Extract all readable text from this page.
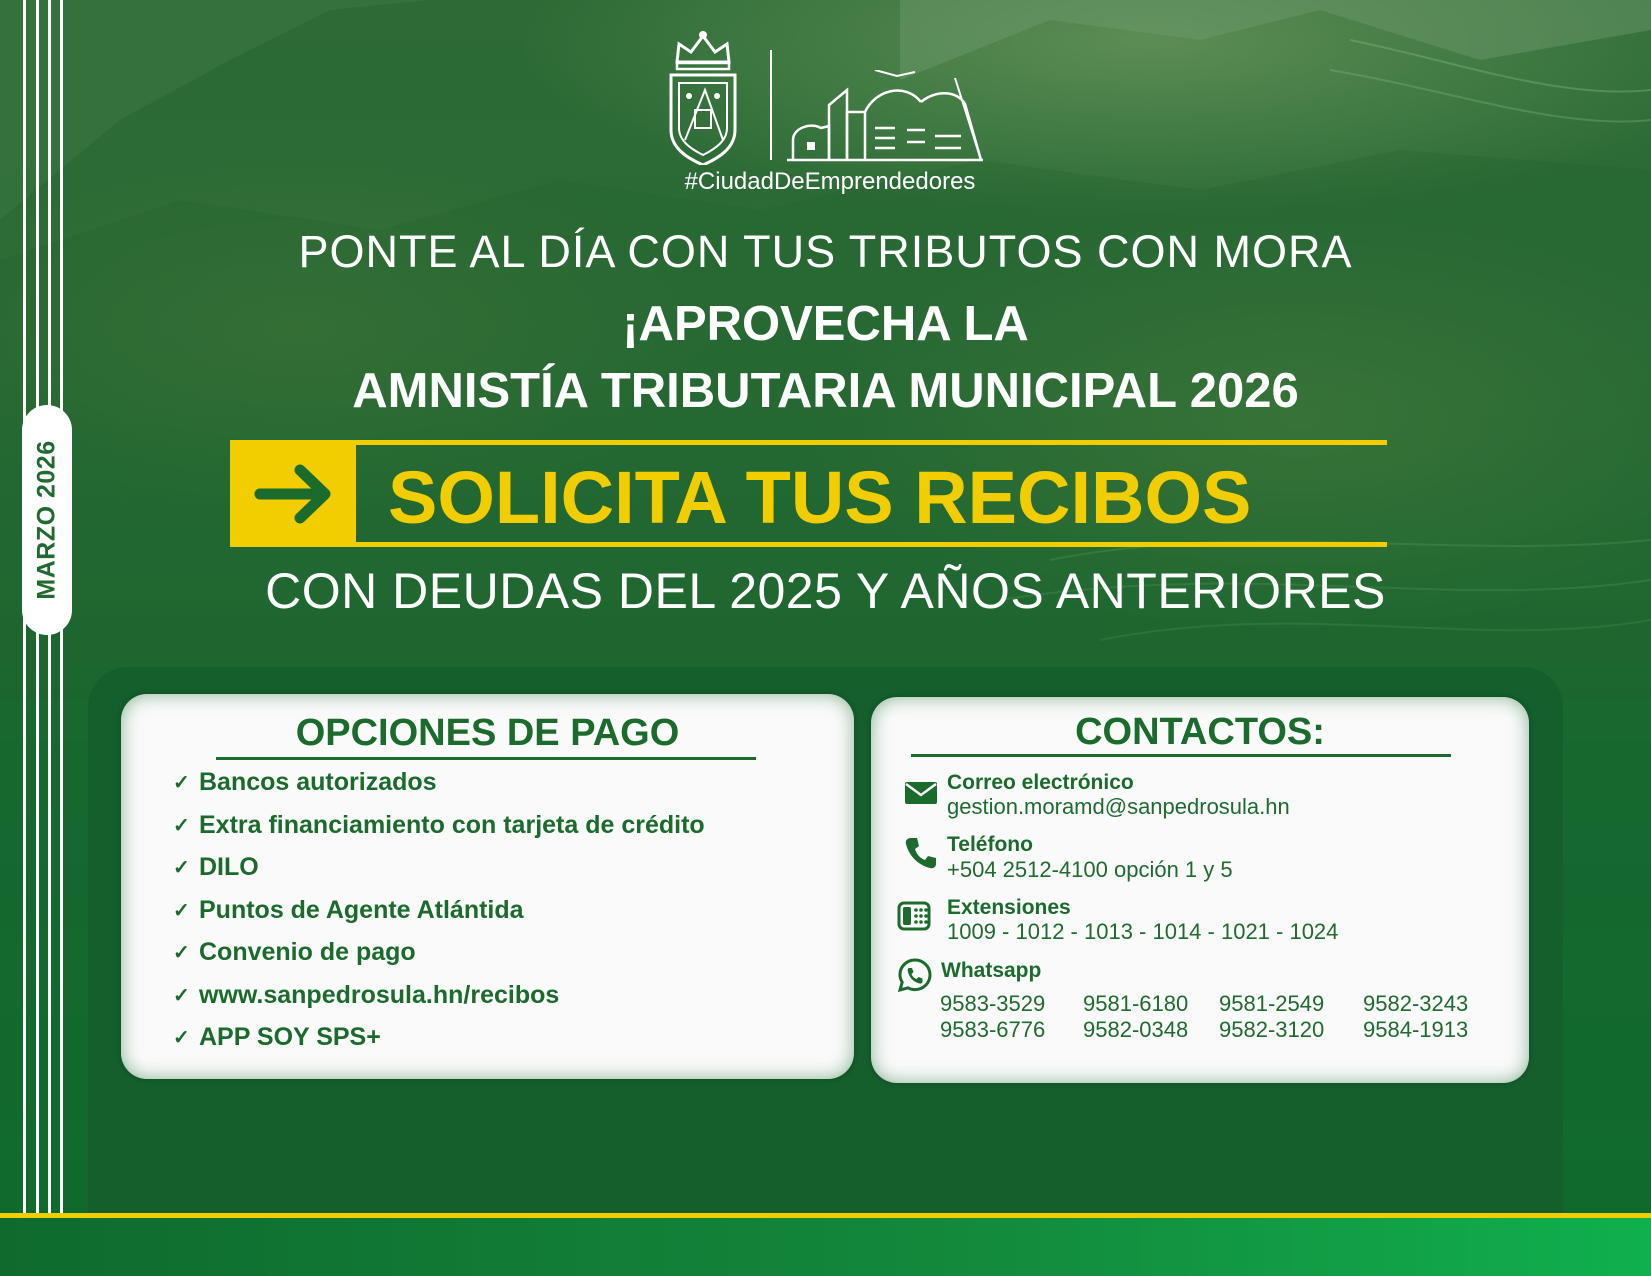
MARZO 2026
#CiudadDeEmprendedores
PONTE AL DÍA CON TUS TRIBUTOS CON MORA
¡APROVECHA LA
AMNISTÍA TRIBUTARIA MUNICIPAL 2026
SOLICITA TUS RECIBOS
CON DEUDAS DEL 2025 Y AÑOS ANTERIORES
OPCIONES DE PAGO
✓ Bancos autorizados
✓ Extra financiamiento con tarjeta de crédito
✓ DILO
✓ Puntos de Agente Atlántida
✓ Convenio de pago
✓ www.sanpedrosula.hn/recibos
✓ APP SOY SPS+
CONTACTOS:
Correo electrónico
gestion.moramd@sanpedrosula.hn
Teléfono
+504 2512-4100 opción 1 y 5
Extensiones
1009 - 1012 - 1013 - 1014 - 1021 - 1024
Whatsapp
9583-3529 9581-6180 9581-2549 9582-3243
9583-6776 9582-0348 9582-3120 9584-1913
